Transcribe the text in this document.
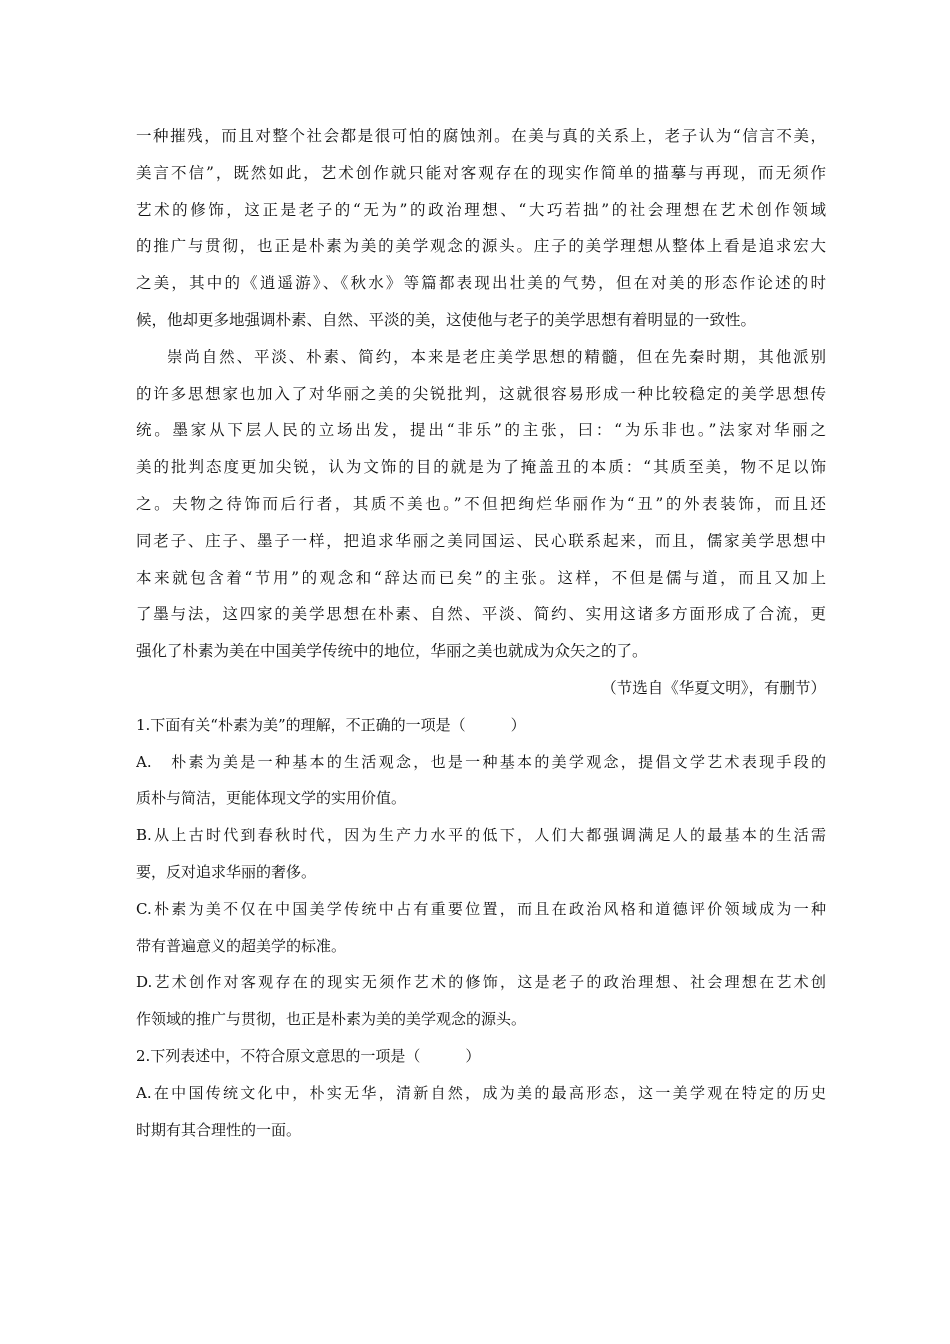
一种摧残，而且对整个社会都是很可怕的腐蚀剂。在美与真的关系上，老子认为“信言不美，
美言不信”，既然如此，艺术创作就只能对客观存在的现实作简单的描摹与再现，而无须作
艺术的修饰，这正是老子的“无为”的政治理想、“大巧若拙”的社会理想在艺术创作领域
的推广与贯彻，也正是朴素为美的美学观念的源头。庄子的美学理想从整体上看是追求宏大
之美，其中的《逍遥游》、《秋水》等篇都表现出壮美的气势，但在对美的形态作论述的时
候，他却更多地强调朴素、自然、平淡的美，这使他与老子的美学思想有着明显的一致性。
崇尚自然、平淡、朴素、简约，本来是老庄美学思想的精髓，但在先秦时期，其他派别
的许多思想家也加入了对华丽之美的尖锐批判，这就很容易形成一种比较稳定的美学思想传
统。墨家从下层人民的立场出发，提出“非乐”的主张，曰：“为乐非也。”法家对华丽之
美的批判态度更加尖锐，认为文饰的目的就是为了掩盖丑的本质：“其质至美，物不足以饰
之。夫物之待饰而后行者，其质不美也。”不但把绚烂华丽作为“丑”的外表装饰，而且还
同老子、庄子、墨子一样，把追求华丽之美同国运、民心联系起来，而且，儒家美学思想中
本来就包含着“节用”的观念和“辞达而已矣”的主张。这样，不但是儒与道，而且又加上
了墨与法，这四家的美学思想在朴素、自然、平淡、简约、实用这诸多方面形成了合流，更
强化了朴素为美在中国美学传统中的地位，华丽之美也就成为众矢之的了。
（节选自《华夏文明》，有删节）
1.下面有关“朴素为美”的理解，不正确的一项是（　　　）
A.　朴素为美是一种基本的生活观念，也是一种基本的美学观念，提倡文学艺术表现手段的
质朴与简洁，更能体现文学的实用价值。
B.从上古时代到春秋时代，因为生产力水平的低下，人们大都强调满足人的最基本的生活需
要，反对追求华丽的奢侈。
C.朴素为美不仅在中国美学传统中占有重要位置，而且在政治风格和道德评价领域成为一种
带有普遍意义的超美学的标准。
D.艺术创作对客观存在的现实无须作艺术的修饰，这是老子的政治理想、社会理想在艺术创
作领域的推广与贯彻，也正是朴素为美的美学观念的源头。
2.下列表述中，不符合原文意思的一项是（　　　）
A.在中国传统文化中，朴实无华，清新自然，成为美的最高形态，这一美学观在特定的历史
时期有其合理性的一面。
